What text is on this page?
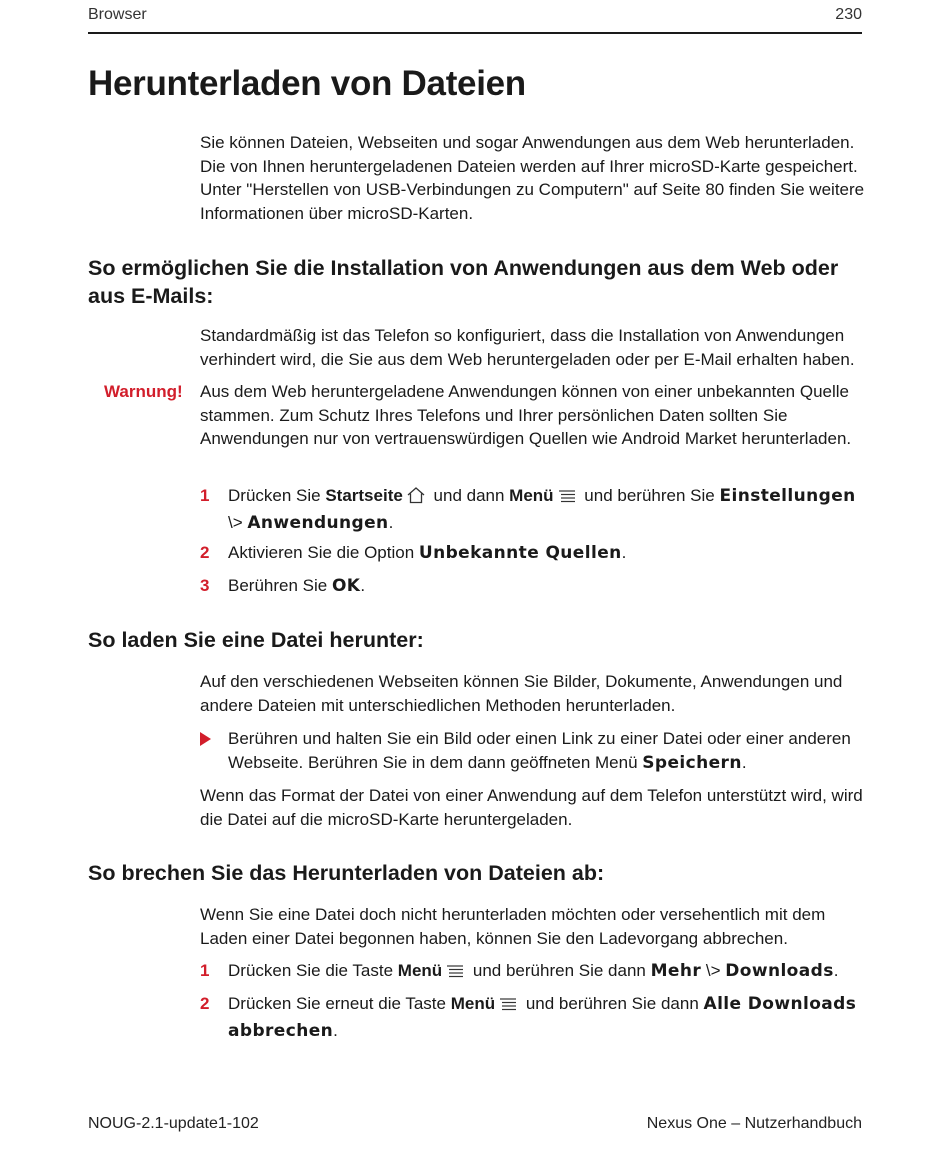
Browser	230
Herunterladen von Dateien

Sie können Dateien, Webseiten und sogar Anwendungen aus dem Web herunterladen. Die von Ihnen heruntergeladenen Dateien werden auf Ihrer microSD-Karte gespeichert. Unter "Herstellen von USB-Verbindungen zu Computern" auf Seite 80 finden Sie weitere Informationen über microSD-Karten.

So ermöglichen Sie die Installation von Anwendungen aus dem Web oder aus E-Mails:

Standardmäßig ist das Telefon so konfiguriert, dass die Installation von Anwendungen verhindert wird, die Sie aus dem Web heruntergeladen oder per E-Mail erhalten haben.

Warnung! Aus dem Web heruntergeladene Anwendungen können von einer unbekannten Quelle stammen. Zum Schutz Ihres Telefons und Ihrer persönlichen Daten sollten Sie Anwendungen nur von vertrauenswürdigen Quellen wie Android Market herunterladen.

1 Drücken Sie Startseite und dann Menü und berühren Sie Einstellungen
\> Anwendungen.
2 Aktivieren Sie die Option Unbekannte Quellen.
3 Berühren Sie OK.
So laden Sie eine Datei herunter:

Auf den verschiedenen Webseiten können Sie Bilder, Dokumente, Anwendungen und andere Dateien mit unterschiedlichen Methoden herunterladen.

Berühren und halten Sie ein Bild oder einen Link zu einer Datei oder einer anderen Webseite. Berühren Sie in dem dann geöffneten Menü Speichern.

Wenn das Format der Datei von einer Anwendung auf dem Telefon unterstützt wird, wird die Datei auf die microSD-Karte heruntergeladen.

So brechen Sie das Herunterladen von Dateien ab:

Wenn Sie eine Datei doch nicht herunterladen möchten oder versehentlich mit dem Laden einer Datei begonnen haben, können Sie den Ladevorgang abbrechen.

1 Drücken Sie die Taste Menü und berühren Sie dann Mehr \> Downloads.
2 Drücken Sie erneut die Taste Menü und berühren Sie dann Alle Downloads abbrechen.
NOUG-2.1-update1-102	Nexus One – Nutzerhandbuch
